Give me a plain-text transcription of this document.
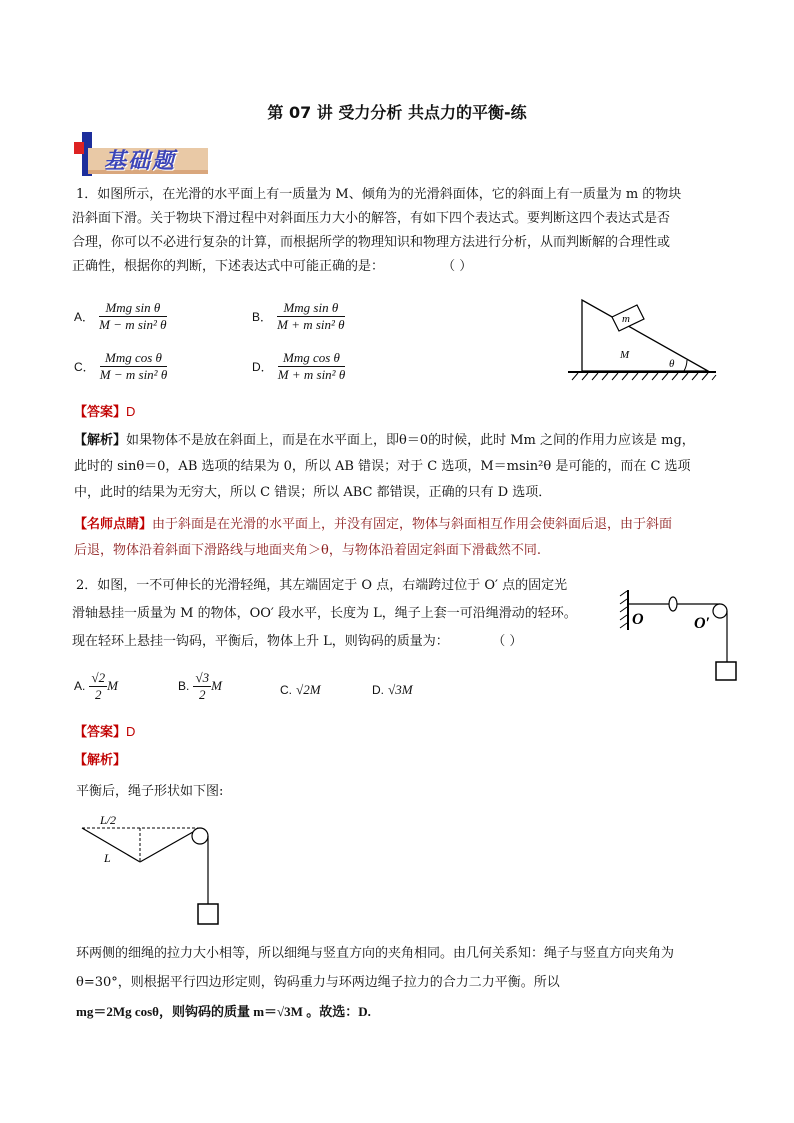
第 07 讲 受力分析 共点力的平衡-练
基础题
1．如图所示，在光滑的水平面上有一质量为 M、倾角为的光滑斜面体，它的斜面上有一质量为 m 的物块
沿斜面下滑。关于物块下滑过程中对斜面压力大小的解答，有如下四个表达式。要判断这四个表达式是否
合理，你可以不必进行复杂的计算，而根据所学的物理知识和物理方法进行分析，从而判断解的合理性或
正确性，根据你的判断，下述表达式中可能正确的是：	（ ）
A． $\frac{\text{Mmg sin θ}}{\text{M − m sin² θ}}$	B． $\frac{\text{Mmg sin θ}}{\text{M + m sin² θ}}$
C． $\frac{\text{Mmg cos θ}}{\text{M − m sin² θ}}$	D． $\frac{\text{Mmg cos θ}}{\text{M + m sin² θ}}$
m
M
θ
【答案】D
【解析】如果物体不是放在斜面上，而是在水平面上，即θ＝0的时候，此时 Mm 之间的作用力应该是 mg，
此时的 sinθ＝0，AB 选项的结果为 0，所以 AB 错误；对于 C 选项，M＝msin²θ 是可能的，而在 C 选项
中，此时的结果为无穷大，所以 C 错误；所以 ABC 都错误，正确的只有 D 选项．
【名师点睛】由于斜面是在光滑的水平面上，并没有固定，物体与斜面相互作用会使斜面后退，由于斜面
后退，物体沿着斜面下滑路线与地面夹角＞θ，与物体沿着固定斜面下滑截然不同.
2．如图，一不可伸长的光滑轻绳，其左端固定于 O 点，右端跨过位于 O′ 点的固定光
滑轴悬挂一质量为 M 的物体，OO′ 段水平，长度为 L，绳子上套一可沿绳滑动的轻环。
现在轻环上悬挂一钩码，平衡后，物体上升 L，则钩码的质量为：	（ ）
O	O′
A. $\frac{√2}{2}$ M	B. $\frac{√3}{2}$ M	C. √2M	D. √3M
【答案】D
【解析】
平衡后，绳子形状如下图:
L/2
L
环两侧的细绳的拉力大小相等，所以细绳与竖直方向的夹角相同。由几何关系知：绳子与竖直方向夹角为
θ=30°，则根据平行四边形定则，钩码重力与环两边绳子拉力的合力二力平衡。所以
mg＝2Mg cosθ，则钩码的质量 m＝√3M 。故选：D.
